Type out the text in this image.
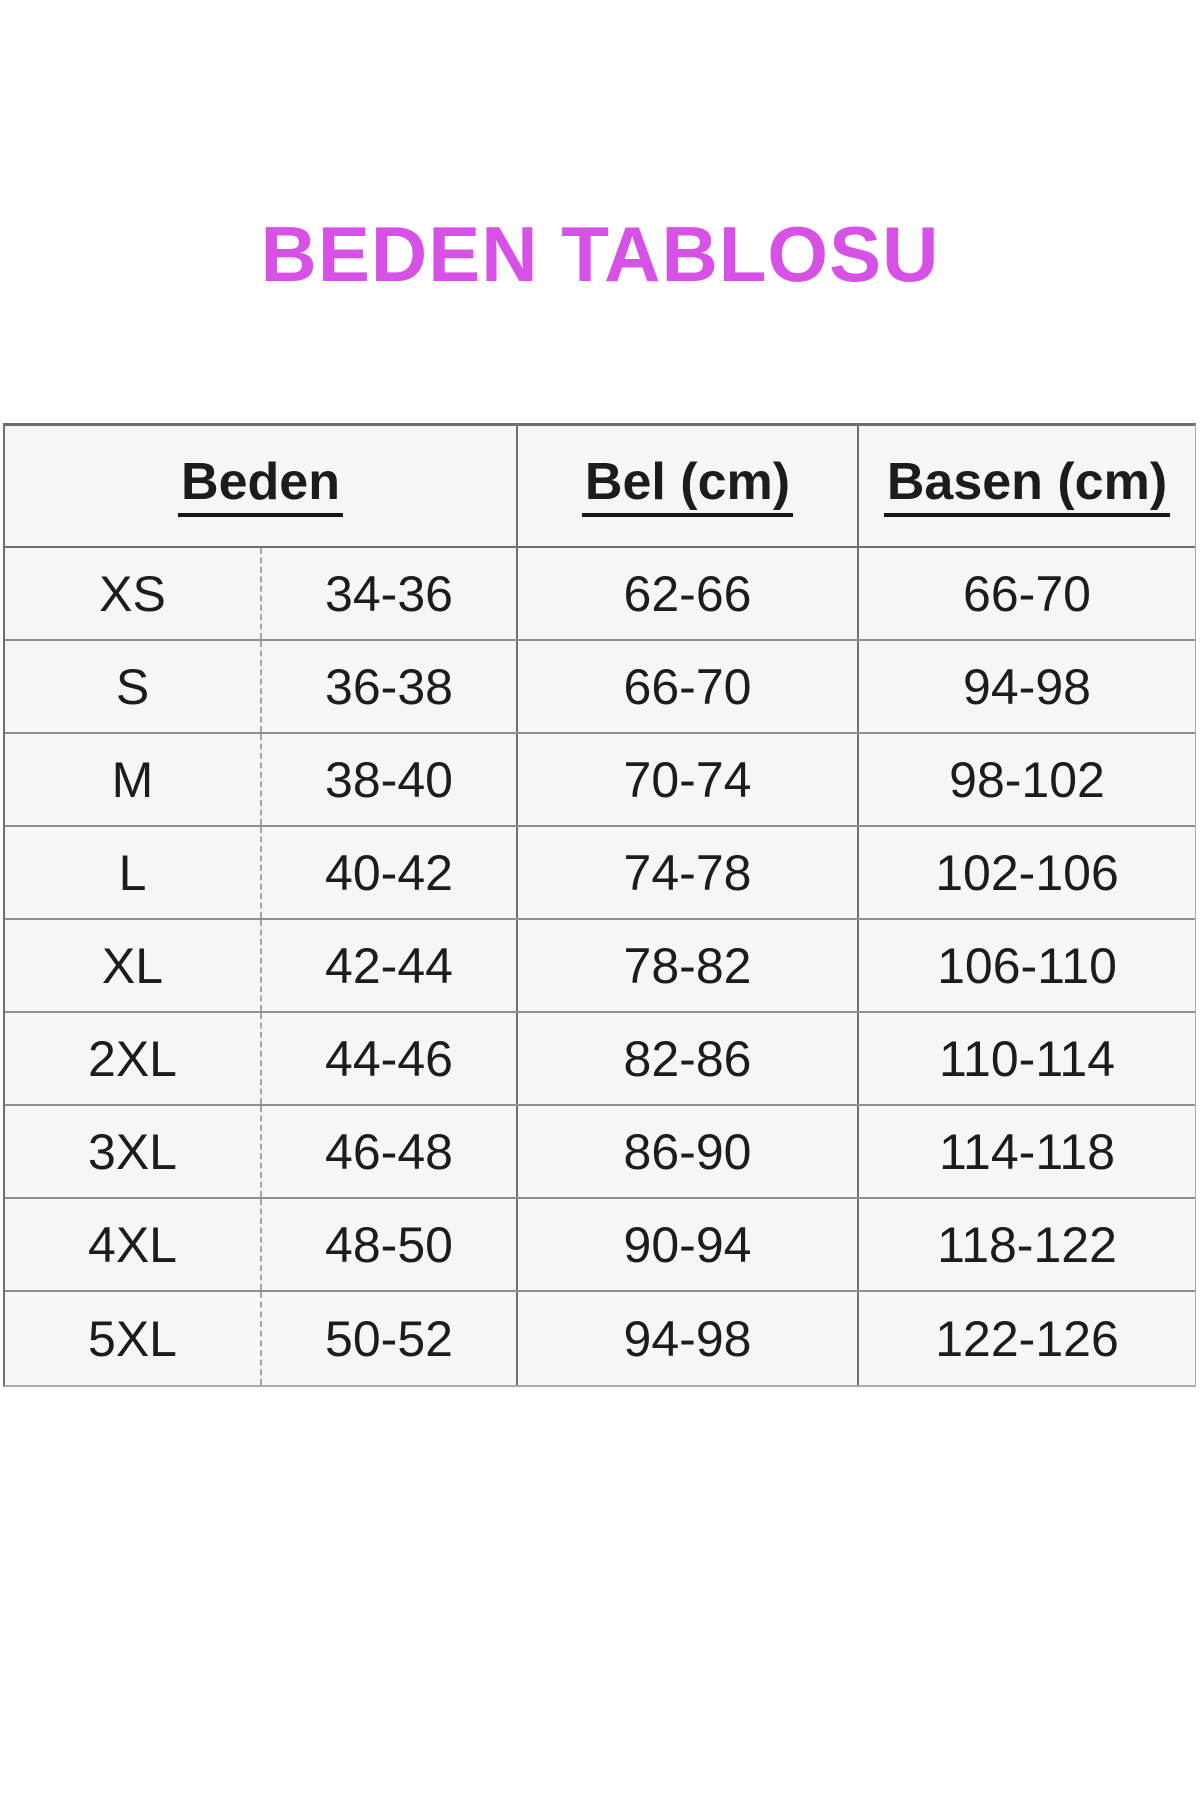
BEDEN TABLOSU
Beden	Bel (cm) Basen (cm)
XS	34-36	62-66	66-70
S	36-38	66-70	94-98
M	38-40	70-74	98-102
L	40-42	74-78	102-106
XL	42-44	78-82	106-110
2XL	44-46	82-86	110-114
3XL	46-48	86-90	114-118
4XL	48-50	90-94	118-122
5XL	50-52	94-98	122-126
